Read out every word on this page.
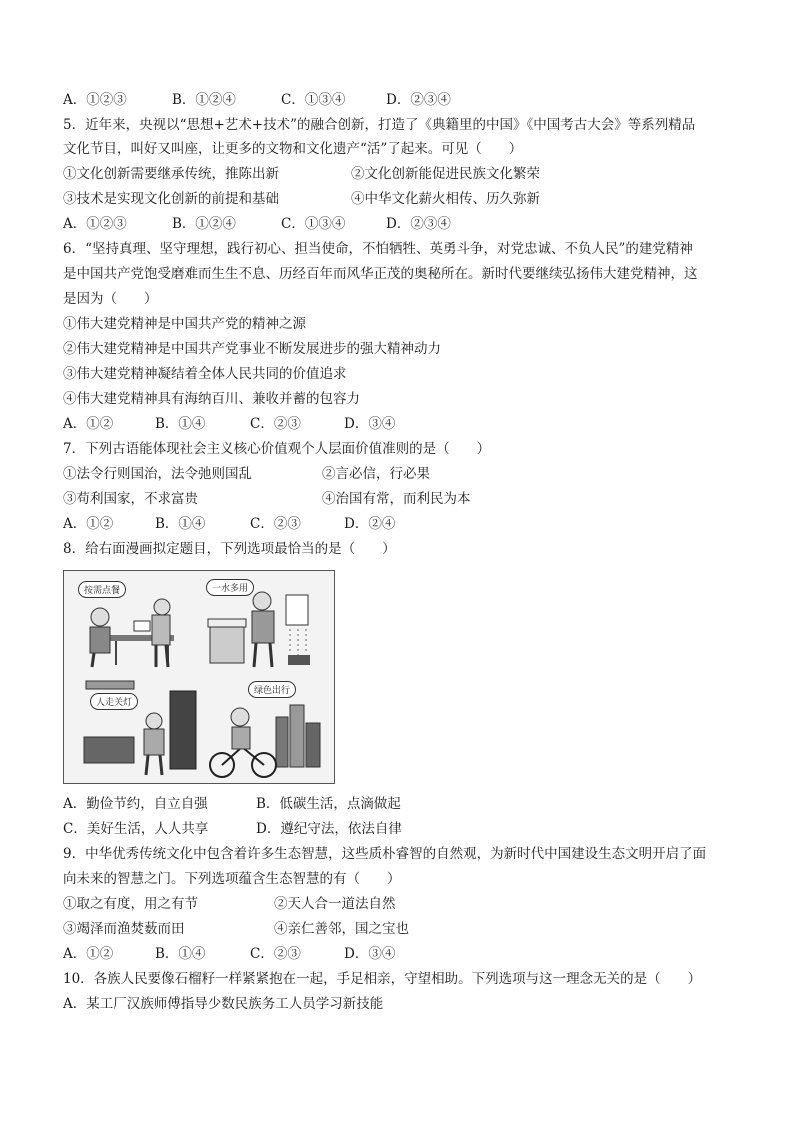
A．①②③	B．①②④	C．①③④	D．②③④
5．近年来，央视以“思想+艺术+技术”的融合创新，打造了《典籍里的中国》《中国考古大会》等系列精品
文化节目，叫好又叫座，让更多的文物和文化遗产“活”了起来。可见（　　）
①文化创新需要继承传统，推陈出新	②文化创新能促进民族文化繁荣
③技术是实现文化创新的前提和基础	④中华文化薪火相传、历久弥新
A．①②③	B．①②④	C．①③④	D．②③④
6．“坚持真理、坚守理想，践行初心、担当使命，不怕牺牲、英勇斗争，对党忠诚、不负人民”的建党精神
是中国共产党饱受磨难而生生不息、历经百年而风华正茂的奥秘所在。新时代要继续弘扬伟大建党精神，这
是因为（　　）
①伟大建党精神是中国共产党的精神之源
②伟大建党精神是中国共产党事业不断发展进步的强大精神动力
③伟大建党精神凝结着全体人民共同的价值追求
④伟大建党精神具有海纳百川、兼收并蓄的包容力
A．①②	B．①④	C．②③	D．③④
7．下列古语能体现社会主义核心价值观个人层面价值准则的是（　　）
①法令行则国治，法令弛则国乱	②言必信，行必果
③苟利国家，不求富贵	④治国有常，而利民为本
A．①②	B．①④	C．②③	D．②④
8．给右面漫画拟定题目，下列选项最恰当的是（　　）
按需点餐	一水多用
人走关灯
绿色出行
A．勤俭节约，自立自强	B．低碳生活，点滴做起
C．美好生活，人人共享	D．遵纪守法，依法自律
9．中华优秀传统文化中包含着许多生态智慧，这些质朴睿智的自然观，为新时代中国建设生态文明开启了面
向未来的智慧之门。下列选项蕴含生态智慧的有（　　）
①取之有度，用之有节	②天人合一道法自然
③竭泽而渔焚薮而田	④亲仁善邻，国之宝也
A．①②	B．①④	C．②③	D．③④
10．各族人民要像石榴籽一样紧紧抱在一起，手足相亲，守望相助。下列选项与这一理念无关的是（　　）
A．某工厂汉族师傅指导少数民族务工人员学习新技能
